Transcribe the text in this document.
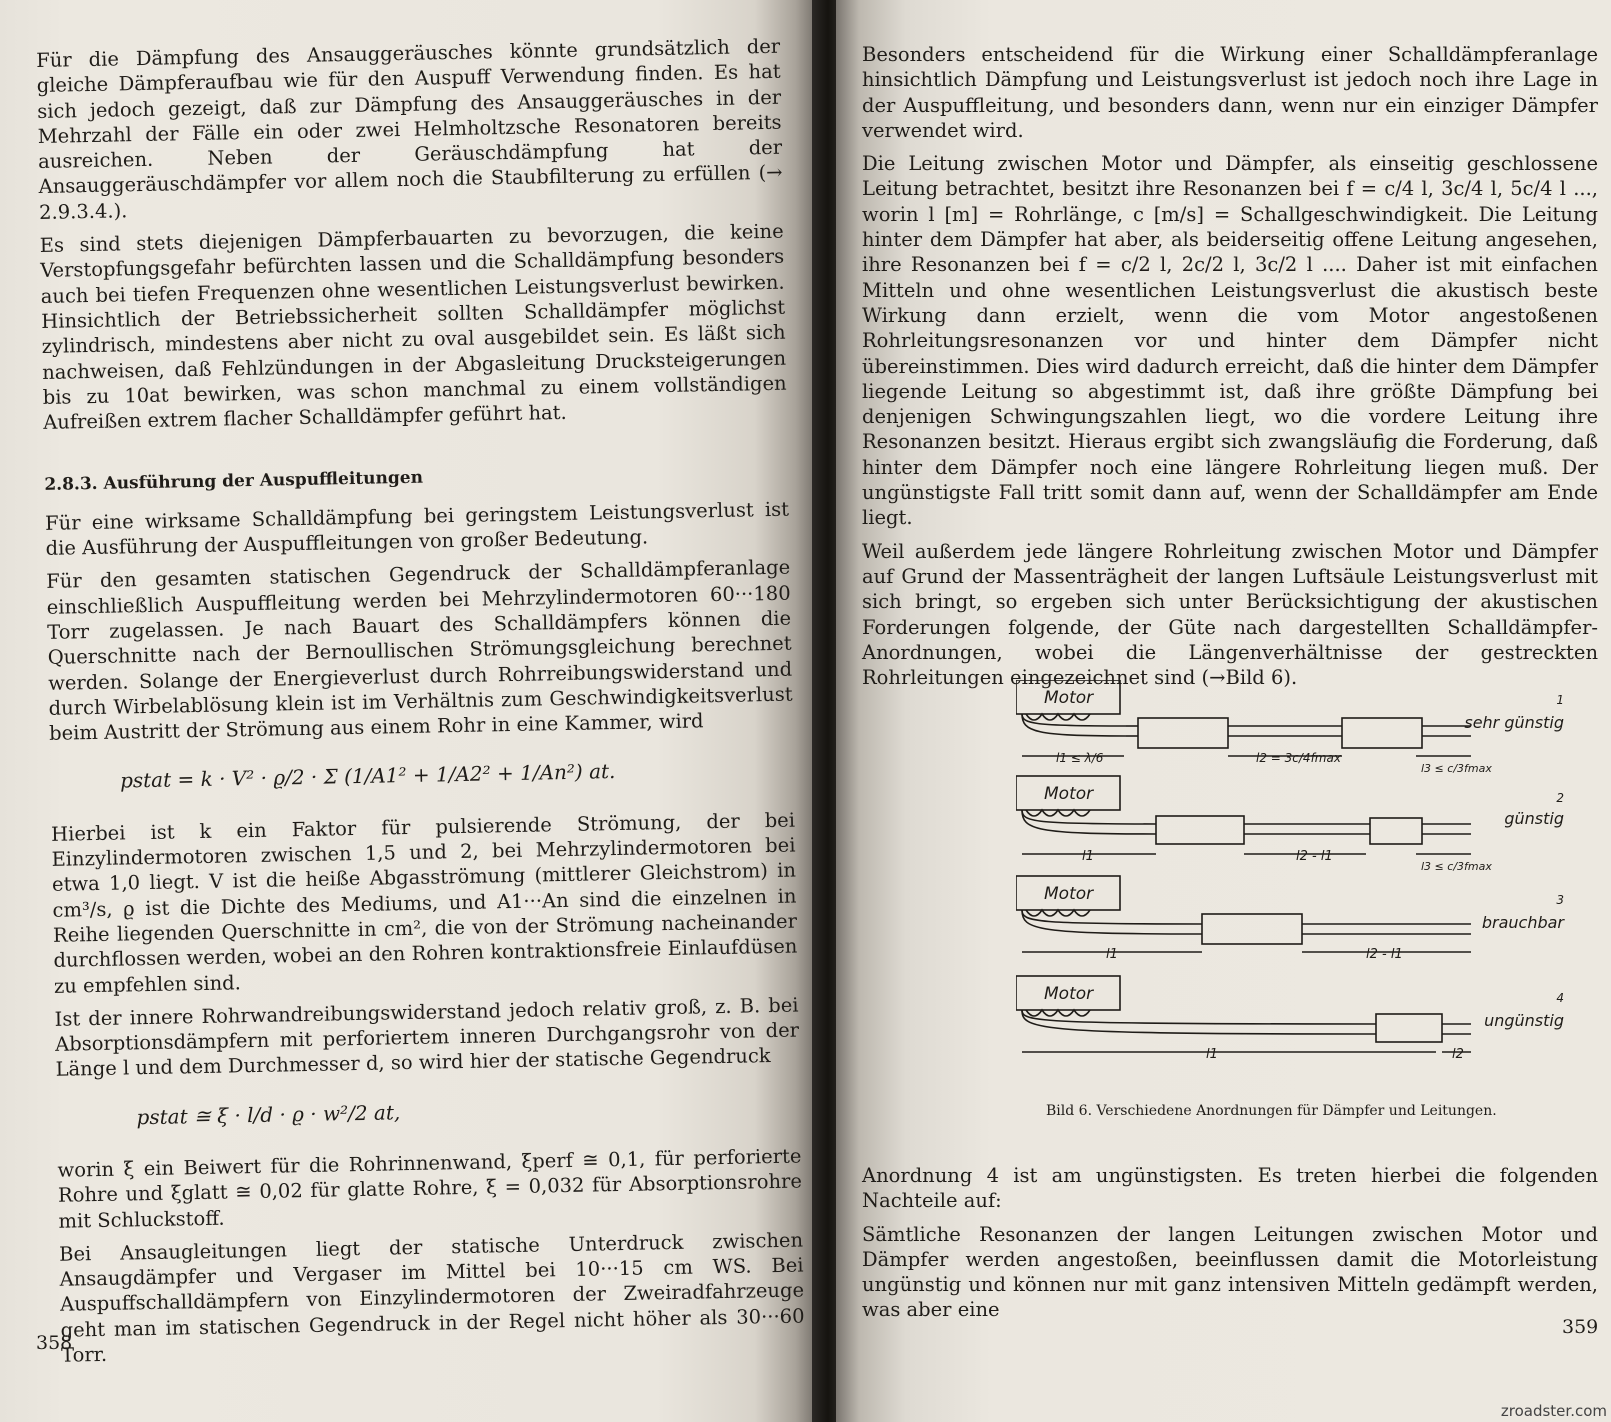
Für die Dämpfung des Ansauggeräusches könnte grundsätzlich der gleiche Dämpferaufbau wie für den Auspuff Verwendung finden. Es hat sich jedoch gezeigt, daß zur Dämpfung des Ansauggeräusches in der Mehrzahl der Fälle ein oder zwei Helmholtzsche Resonatoren bereits ausreichen. Neben der Geräuschdämpfung hat der Ansauggeräuschdämpfer vor allem noch die Staubfilterung zu erfüllen (→ 2.9.3.4.).

Es sind stets diejenigen Dämpferbauarten zu bevorzugen, die keine Verstopfungsgefahr befürchten lassen und die Schalldämpfung besonders auch bei tiefen Frequenzen ohne wesentlichen Leistungsverlust bewirken. Hinsichtlich der Betriebssicherheit sollten Schalldämpfer möglichst zylindrisch, mindestens aber nicht zu oval ausgebildet sein. Es läßt sich nachweisen, daß Fehlzündungen in der Abgasleitung Drucksteigerungen bis zu 10at bewirken, was schon manchmal zu einem vollständigen Aufreißen extrem flacher Schalldämpfer geführt hat.

2.8.3. Ausführung der Auspuffleitungen

Für eine wirksame Schalldämpfung bei geringstem Leistungsverlust ist die Ausführung der Auspuffleitungen von großer Bedeutung.

Für den gesamten statischen Gegendruck der Schalldämpferanlage einschließlich Auspuffleitung werden bei Mehrzylindermotoren 60···180 Torr zugelassen. Je nach Bauart des Schalldämpfers können die Querschnitte nach der Bernoullischen Strömungsgleichung berechnet werden. Solange der Energieverlust durch Rohrreibungswiderstand und durch Wirbelablösung klein ist im Verhältnis zum Geschwindigkeitsverlust beim Austritt der Strömung aus einem Rohr in eine Kammer, wird

pstat = k · V² · ϱ/2 · Σ (1/A1² + 1/A2² + 1/An²) at.

Hierbei ist k ein Faktor für pulsierende Strömung, der bei Einzylindermotoren zwischen 1,5 und 2, bei Mehrzylindermotoren bei etwa 1,0 liegt. V ist die heiße Abgasströmung (mittlerer Gleichstrom) in cm³/s, ϱ ist die Dichte des Mediums, und A1···An sind die einzelnen in Reihe liegenden Querschnitte in cm², die von der Strömung nacheinander durchflossen werden, wobei an den Rohren kontraktionsfreie Einlaufdüsen zu empfehlen sind.

Ist der innere Rohrwandreibungswiderstand jedoch relativ groß, z. B. bei Absorptionsdämpfern mit perforiertem inneren Durchgangsrohr von der Länge l und dem Durchmesser d, so wird hier der statische Gegendruck

pstat ≅ ξ · l/d · ϱ · w²/2 at,

worin ξ ein Beiwert für die Rohrinnenwand, ξperf ≅ 0,1, für perforierte Rohre und ξglatt ≅ 0,02 für glatte Rohre, ξ = 0,032 für Absorptionsrohre mit Schluckstoff.

Bei Ansaugleitungen liegt der statische Unterdruck zwischen Ansaugdämpfer und Vergaser im Mittel bei 10···15 cm WS. Bei Auspuffschalldämpfern von Einzylindermotoren der Zweiradfahrzeuge geht man im statischen Gegendruck in der Regel nicht höher als 30···60 Torr.

358

Besonders entscheidend für die Wirkung einer Schalldämpferanlage hinsichtlich Dämpfung und Leistungsverlust ist jedoch noch ihre Lage in der Auspuffleitung, und besonders dann, wenn nur ein einziger Dämpfer verwendet wird.

Die Leitung zwischen Motor und Dämpfer, als einseitig geschlossene Leitung betrachtet, besitzt ihre Resonanzen bei f = c/4 l, 3c/4 l, 5c/4 l ..., worin l [m] = Rohrlänge, c [m/s] = Schallgeschwindigkeit. Die Leitung hinter dem Dämpfer hat aber, als beiderseitig offene Leitung angesehen, ihre Resonanzen bei f = c/2 l, 2c/2 l, 3c/2 l .... Daher ist mit einfachen Mitteln und ohne wesentlichen Leistungsverlust die akustisch beste Wirkung dann erzielt, wenn die vom Motor angestoßenen Rohrleitungsresonanzen vor und hinter dem Dämpfer nicht übereinstimmen. Dies wird dadurch erreicht, daß die hinter dem Dämpfer liegende Leitung so abgestimmt ist, daß ihre größte Dämpfung bei denjenigen Schwingungszahlen liegt, wo die vordere Leitung ihre Resonanzen besitzt. Hieraus ergibt sich zwangsläufig die Forderung, daß hinter dem Dämpfer noch eine längere Rohrleitung liegen muß. Der ungünstigste Fall tritt somit dann auf, wenn der Schalldämpfer am Ende liegt.

Weil außerdem jede längere Rohrleitung zwischen Motor und Dämpfer auf Grund der Massenträgheit der langen Luftsäule Leistungsverlust mit sich bringt, so ergeben sich unter Berücksichtigung der akustischen Forderungen folgende, der Güte nach dargestellten Schalldämpfer-Anordnungen, wobei die Längenverhältnisse der gestreckten Rohrleitungen eingezeichnet sind (→Bild 6).

Motor
Motor
Motor
Motor
1
sehr günstig
2
günstig
3
brauchbar
4
ungünstig
l1 ≤ λ/6	l2 = 3c/4fmax
l3 ≤ c/3fmax
l1	l2 - l1
l3 ≤ c/3fmax
l1	l2 - l1
l1	l2
Bild 6. Verschiedene Anordnungen für Dämpfer und Leitungen.

Anordnung 4 ist am ungünstigsten. Es treten hierbei die folgenden Nachteile auf:

Sämtliche Resonanzen der langen Leitungen zwischen Motor und Dämpfer werden angestoßen, beeinflussen damit die Motorleistung ungünstig und können nur mit ganz intensiven Mitteln gedämpft werden, was aber eine

359
zroadster.com
